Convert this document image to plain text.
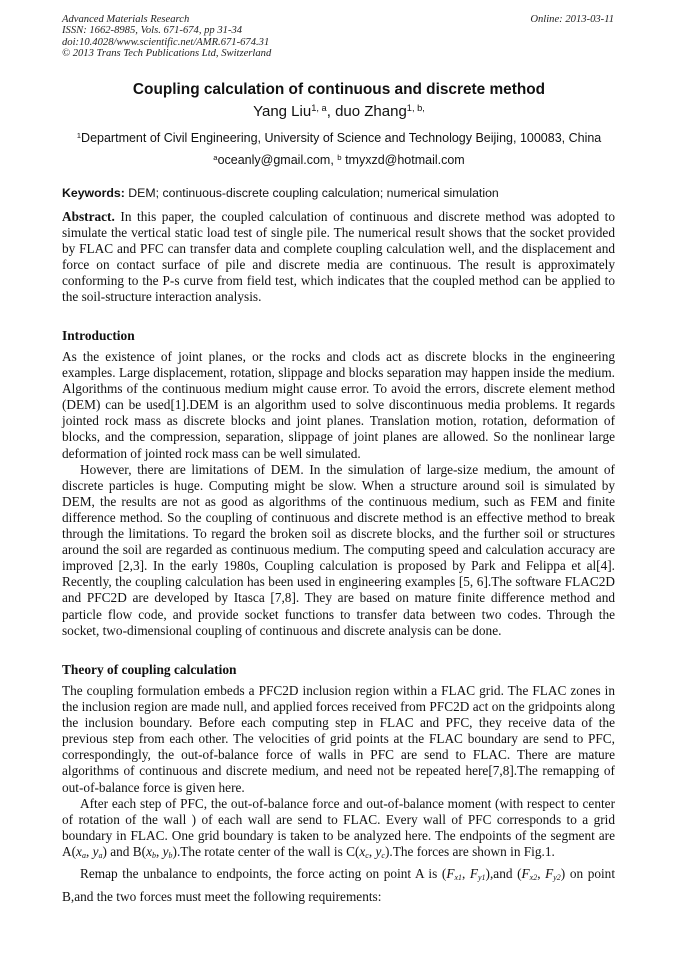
Advanced Materials Research
ISSN: 1662-8985, Vols. 671-674, pp 31-34
doi:10.4028/www.scientific.net/AMR.671-674.31
© 2013 Trans Tech Publications Ltd, Switzerland
Online: 2013-03-11
Coupling calculation of continuous and discrete method
Yang Liu$^{1, a}$, duo Zhang$^{1, b,}$
$^1$Department of Civil Engineering, University of Science and Technology Beijing, 100083, China
$^a$oceanly@gmail.com, $^b$ tmyxzd@hotmail.com
Keywords: DEM; continuous-discrete coupling calculation; numerical simulation

Abstract. In this paper, the coupled calculation of continuous and discrete method was adopted to simulate the vertical static load test of single pile. The numerical result shows that the socket provided by FLAC and PFC can transfer data and complete coupling calculation well, and the displacement and force on contact surface of pile and discrete media are continuous. The result is approximately conforming to the P-s curve from field test, which indicates that the coupled method can be applied to the soil-structure interaction analysis.

Introduction

As the existence of joint planes, or the rocks and clods act as discrete blocks in the engineering examples. Large displacement, rotation, slippage and blocks separation may happen inside the medium. Algorithms of the continuous medium might cause error. To avoid the errors, discrete element method (DEM) can be used[1].DEM is an algorithm used to solve discontinuous media problems. It regards jointed rock mass as discrete blocks and joint planes. Translation motion, rotation, deformation of blocks, and the compression, separation, slippage of joint planes are allowed. So the nonlinear large deformation of jointed rock mass can be well simulated.

However, there are limitations of DEM. In the simulation of large-size medium, the amount of discrete particles is huge. Computing might be slow. When a structure around soil is simulated by DEM, the results are not as good as algorithms of the continuous medium, such as FEM and finite difference method. So the coupling of continuous and discrete method is an effective method to break through the limitations. To regard the broken soil as discrete blocks, and the further soil or structures around the soil are regarded as continuous medium. The computing speed and calculation accuracy are improved [2,3]. In the early 1980s, Coupling calculation is proposed by Park and Felippa et al[4]. Recently, the coupling calculation has been used in engineering examples [5, 6].The software FLAC2D and PFC2D are developed by Itasca [7,8]. They are based on mature finite difference method and particle flow code, and provide socket functions to transfer data between two codes. Through the socket, two-dimensional coupling of continuous and discrete analysis can be done.

Theory of coupling calculation

The coupling formulation embeds a PFC2D inclusion region within a FLAC grid. The FLAC zones in the inclusion region are made null, and applied forces received from PFC2D act on the gridpoints along the inclusion boundary. Before each computing step in FLAC and PFC, they receive data of the previous step from each other. The velocities of grid points at the FLAC boundary are send to PFC, correspondingly, the out-of-balance force of walls in PFC are send to FLAC. There are mature algorithms of continuous and discrete medium, and need not be repeated here[7,8].The remapping of out-of-balance force is given here.

After each step of PFC, the out-of-balance force and out-of-balance moment (with respect to center of rotation of the wall ) of each wall are send to FLAC. Every wall of PFC corresponds to a grid boundary in FLAC. One grid boundary is taken to be analyzed here. The endpoints of the segment are $A(x_a$, $y_a$) and $B(x_b$, $y_b).The$ rotate center of the wall is $C(x_c$, $y_c).The$ forces are shown in Fig.1.

Remap the unbalance to endpoints, the force acting on point A is ($F_{x1}$, $F_{y1}),and$ ($F_{x2}$, $F_{y2}$) on point B,and the two forces must meet the following requirements:
